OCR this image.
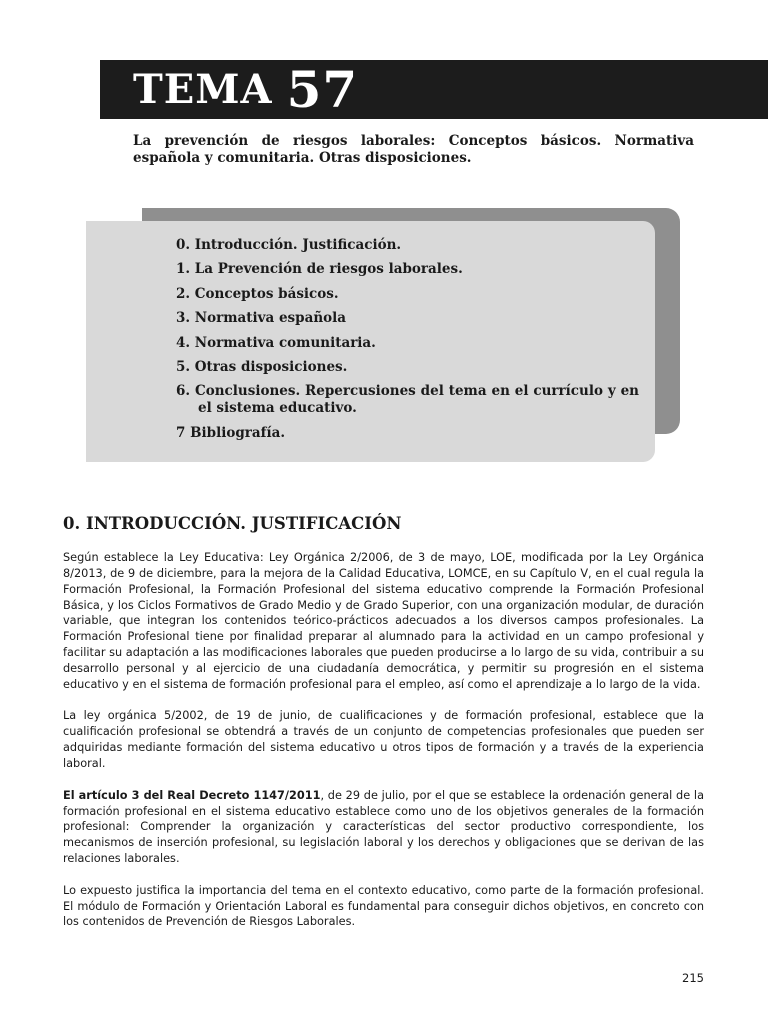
TEMA 57

La prevención de riesgos laborales: Conceptos básicos. Normativa española y comunitaria. Otras disposiciones.

0. Introducción. Justificación.
1. La Prevención de riesgos laborales.
2. Conceptos básicos.
3. Normativa española
4. Normativa comunitaria.
5. Otras disposiciones.
6. Conclusiones. Repercusiones del tema en el currículo y en el sistema educativo.
7 Bibliografía.
0. INTRODUCCIÓN. JUSTIFICACIÓN

Según establece la Ley Educativa: Ley Orgánica 2/2006, de 3 de mayo, LOE, modificada por la Ley Orgánica 8/2013, de 9 de diciembre, para la mejora de la Calidad Educativa, LOMCE, en su Capítulo V, en el cual regula la Formación Profesional, la Formación Profesional del sistema educativo comprende la Formación Profesional Básica, y los Ciclos Formativos de Grado Medio y de Grado Superior, con una organización modular, de duración variable, que integran los contenidos teórico-prácticos adecuados a los diversos campos profesionales. La Formación Profesional tiene por finalidad preparar al alumnado para la actividad en un campo profesional y facilitar su adaptación a las modificaciones laborales que pueden producirse a lo largo de su vida, contribuir a su desarrollo personal y al ejercicio de una ciudadanía democrática, y permitir su progresión en el sistema educativo y en el sistema de formación profesional para el empleo, así como el aprendizaje a lo largo de la vida.

La ley orgánica 5/2002, de 19 de junio, de cualificaciones y de formación profesional, establece que la cualificación profesional se obtendrá a través de un conjunto de competencias profesionales que pueden ser adquiridas mediante formación del sistema educativo u otros tipos de formación y a través de la experiencia laboral.

El artículo 3 del Real Decreto 1147/2011, de 29 de julio, por el que se establece la ordenación general de la formación profesional en el sistema educativo establece como uno de los objetivos generales de la formación profesional: Comprender la organización y características del sector productivo correspondiente, los mecanismos de inserción profesional, su legislación laboral y los derechos y obligaciones que se derivan de las relaciones laborales.

Lo expuesto justifica la importancia del tema en el contexto educativo, como parte de la formación profesional. El módulo de Formación y Orientación Laboral es fundamental para conseguir dichos objetivos, en concreto con los contenidos de Prevención de Riesgos Laborales.

215
